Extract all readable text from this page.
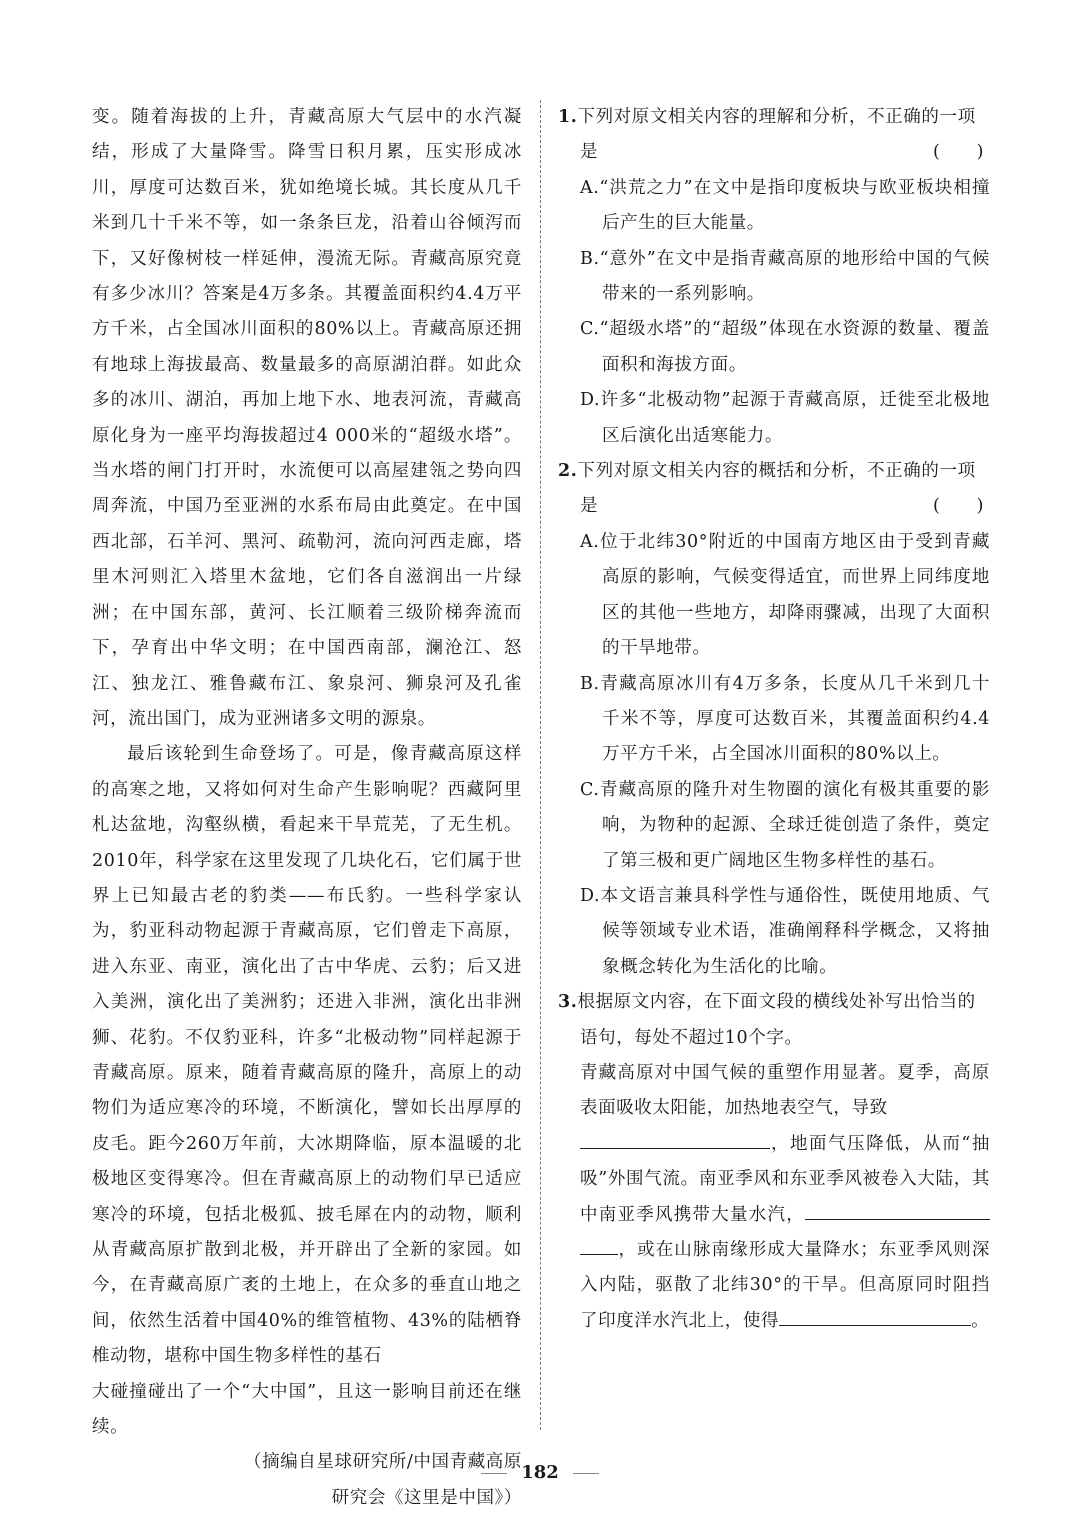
变。随着海拔的上升，青藏高原大气层中的水汽凝结，形成了大量降雪。降雪日积月累，压实形成冰川，厚度可达数百米，犹如绝境长城。其长度从几千米到几十千米不等，如一条条巨龙，沿着山谷倾泻而下，又好像树枝一样延伸，漫流无际。青藏高原究竟有多少冰川？答案是4万多条。其覆盖面积约4.4万平方千米，占全国冰川面积的80%以上。青藏高原还拥有地球上海拔最高、数量最多的高原湖泊群。如此众多的冰川、湖泊，再加上地下水、地表河流，青藏高原化身为一座平均海拔超过4 000米的“超级水塔”。当水塔的闸门打开时，水流便可以高屋建瓴之势向四周奔流，中国乃至亚洲的水系布局由此奠定。在中国西北部，石羊河、黑河、疏勒河，流向河西走廊，塔里木河则汇入塔里木盆地，它们各自滋润出一片绿洲；在中国东部，黄河、长江顺着三级阶梯奔流而下，孕育出中华文明；在中国西南部，澜沧江、怒江、独龙江、雅鲁藏布江、象泉河、狮泉河及孔雀河，流出国门，成为亚洲诸多文明的源泉。

最后该轮到生命登场了。可是，像青藏高原这样的高寒之地，又将如何对生命产生影响呢？西藏阿里札达盆地，沟壑纵横，看起来干旱荒芜，了无生机。2010年，科学家在这里发现了几块化石，它们属于世界上已知最古老的豹类——布氏豹。一些科学家认为，豹亚科动物起源于青藏高原，它们曾走下高原，进入东亚、南亚，演化出了古中华虎、云豹；后又进入美洲，演化出了美洲豹；还进入非洲，演化出非洲狮、花豹。不仅豹亚科，许多“北极动物”同样起源于青藏高原。原来，随着青藏高原的隆升，高原上的动物们为适应寒冷的环境，不断演化，譬如长出厚厚的皮毛。距今260万年前，大冰期降临，原本温暖的北极地区变得寒冷。但在青藏高原上的动物们早已适应寒冷的环境，包括北极狐、披毛犀在内的动物，顺利从青藏高原扩散到北极，并开辟出了全新的家园。如今，在青藏高原广袤的土地上，在众多的垂直山地之间，依然生活着中国40%的维管植物、43%的陆栖脊椎动物，堪称中国生物多样性的基石

大碰撞碰出了一个“大中国”，且这一影响目前还在继续。

（摘编自星球研究所/中国青藏高原

研究会《这里是中国》）

1.下列对原文相关内容的理解和分析，不正确的一项是	(　　)

A.“洪荒之力”在文中是指印度板块与欧亚板块相撞后产生的巨大能量。

B.“意外”在文中是指青藏高原的地形给中国的气候带来的一系列影响。

C.“超级水塔”的“超级”体现在水资源的数量、覆盖面积和海拔方面。

D.许多“北极动物”起源于青藏高原，迁徙至北极地区后演化出适寒能力。

2.下列对原文相关内容的概括和分析，不正确的一项是	(　　)

A.位于北纬30°附近的中国南方地区由于受到青藏高原的影响，气候变得适宜，而世界上同纬度地区的其他一些地方，却降雨骤减，出现了大面积的干旱地带。

B.青藏高原冰川有4万多条，长度从几千米到几十千米不等，厚度可达数百米，其覆盖面积约4.4万平方千米，占全国冰川面积的80%以上。

C.青藏高原的隆升对生物圈的演化有极其重要的影响，为物种的起源、全球迁徙创造了条件，奠定了第三极和更广阔地区生物多样性的基石。

D.本文语言兼具科学性与通俗性，既使用地质、气候等领域专业术语，准确阐释科学概念，又将抽象概念转化为生活化的比喻。

3.根据原文内容，在下面文段的横线处补写出恰当的语句，每处不超过10个字。

青藏高原对中国气候的重塑作用显著。夏季，高原表面吸收太阳能，加热地表空气，导致
，地面气压降低，从而“抽吸”外围气流。南亚季风和东亚季风被卷入大陆，其中南亚季风携带大量水汽，，或在山脉南缘形成大量降水；东亚季风则深入内陆，驱散了北纬30°的干旱。但高原同时阻挡了印度洋水汽北上，使得	。

182
